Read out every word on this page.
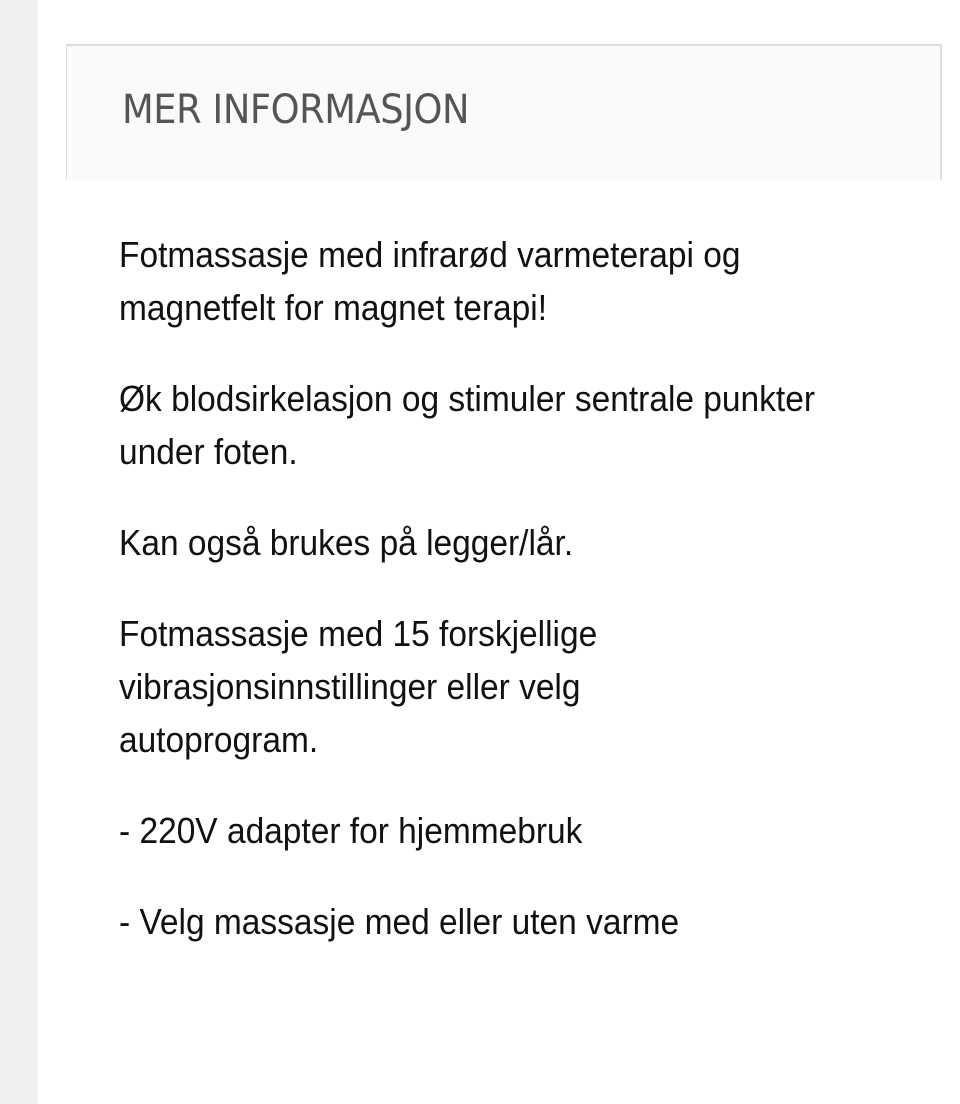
MER INFORMASJON

Fotmassasje med infrarød varmeterapi og magnetfelt for magnet terapi!

Øk blodsirkelasjon og stimuler sentrale punkter under foten.

Kan også brukes på legger/lår.

Fotmassasje med 15 forskjellige vibrasjonsinnstillinger eller velg autoprogram.

- 220V adapter for hjemmebruk

- Velg massasje med eller uten varme
